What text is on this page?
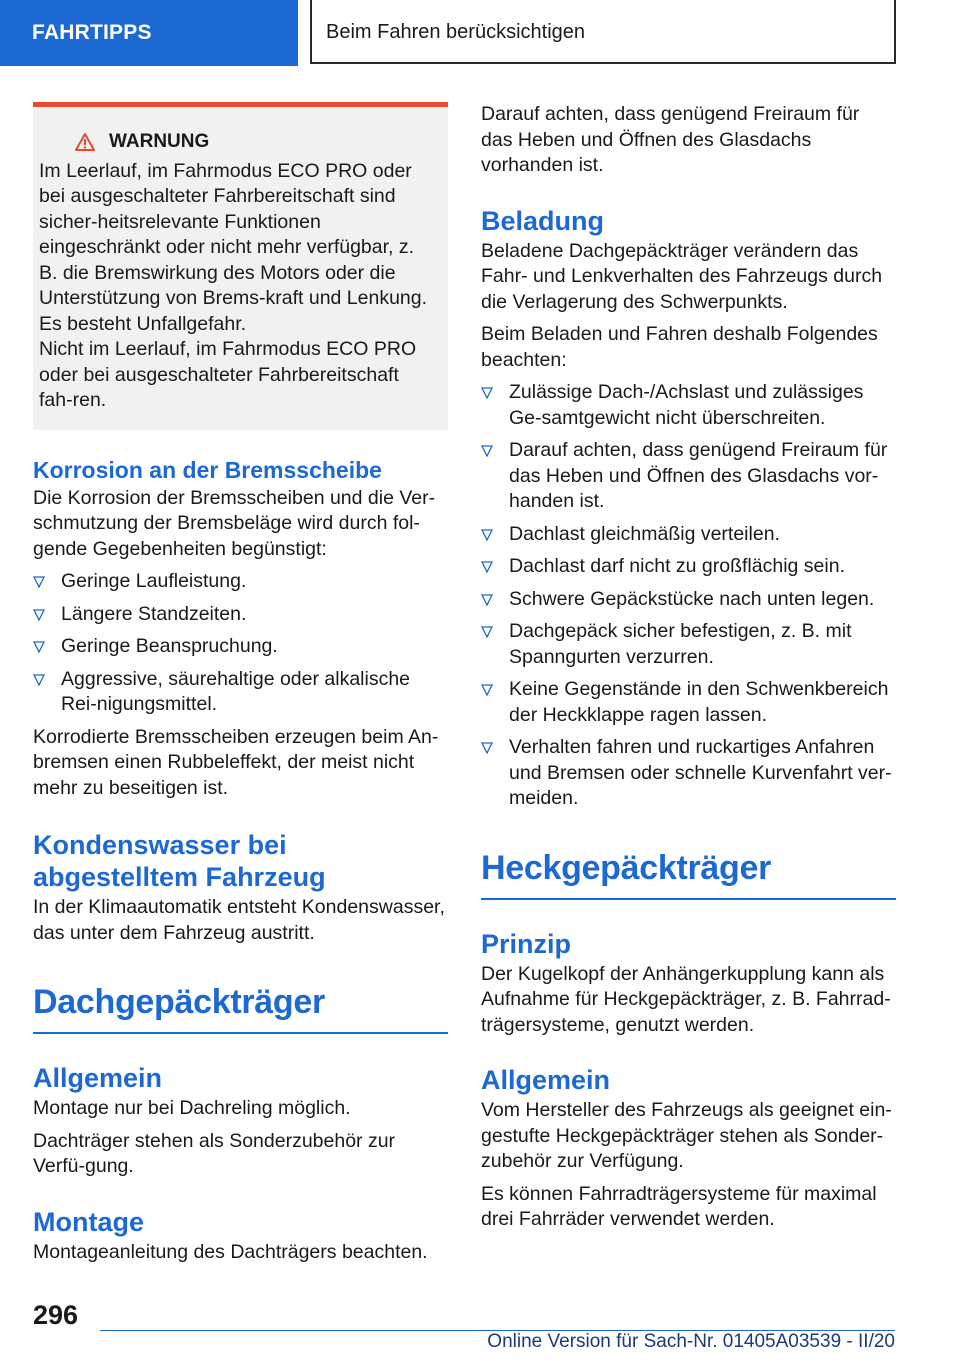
FAHRTIPPS	Beim Fahren berücksichtigen
WARNUNG

Im Leerlauf, im Fahrmodus ECO PRO oder bei ausgeschalteter Fahrbereitschaft sind sicher-heitsrelevante Funktionen eingeschränkt oder nicht mehr verfügbar, z. B. die Bremswirkung des Motors oder die Unterstützung von Brems-kraft und Lenkung. Es besteht Unfallgefahr.

Nicht im Leerlauf, im Fahrmodus ECO PRO oder bei ausgeschalteter Fahrbereitschaft fah-ren.

Korrosion an der Bremsscheibe

Die Korrosion der Bremsscheiben und die Ver-schmutzung der Bremsbeläge wird durch fol-gende Gegebenheiten begünstigt:

Geringe Laufleistung.
Längere Standzeiten.
Geringe Beanspruchung.
Aggressive, säurehaltige oder alkalische Rei-nigungsmittel.

Korrodierte Bremsscheiben erzeugen beim An-bremsen einen Rubbeleffekt, der meist nicht mehr zu beseitigen ist.

Kondenswasser bei abgestelltem Fahrzeug

In der Klimaautomatik entsteht Kondenswasser, das unter dem Fahrzeug austritt.

Dachgepäckträger
Allgemein

Montage nur bei Dachreling möglich.

Dachträger stehen als Sonderzubehör zur Verfü-gung.

Montage

Montageanleitung des Dachträgers beachten.

Darauf achten, dass genügend Freiraum für das Heben und Öffnen des Glasdachs vorhanden ist.

Beladung

Beladene Dachgepäckträger verändern das Fahr- und Lenkverhalten des Fahrzeugs durch die Verlagerung des Schwerpunkts.

Beim Beladen und Fahren deshalb Folgendes beachten:

Zulässige Dach-/Achslast und zulässiges Ge-samtgewicht nicht überschreiten.
Darauf achten, dass genügend Freiraum für das Heben und Öffnen des Glasdachs vor-handen ist.
Dachlast gleichmäßig verteilen.
Dachlast darf nicht zu großflächig sein.
Schwere Gepäckstücke nach unten legen.
Dachgepäck sicher befestigen, z. B. mit Spanngurten verzurren.
Keine Gegenstände in den Schwenkbereich der Heckklappe ragen lassen.
Verhalten fahren und ruckartiges Anfahren und Bremsen oder schnelle Kurvenfahrt ver-meiden.
Heckgepäckträger
Prinzip

Der Kugelkopf der Anhängerkupplung kann als Aufnahme für Heckgepäckträger, z. B. Fahrrad-trägersysteme, genutzt werden.

Allgemein

Vom Hersteller des Fahrzeugs als geeignet ein-gestufte Heckgepäckträger stehen als Sonder-zubehör zur Verfügung.

Es können Fahrradträgersysteme für maximal drei Fahrräder verwendet werden.

296
Online Version für Sach-Nr. 01405A03539 - II/20
